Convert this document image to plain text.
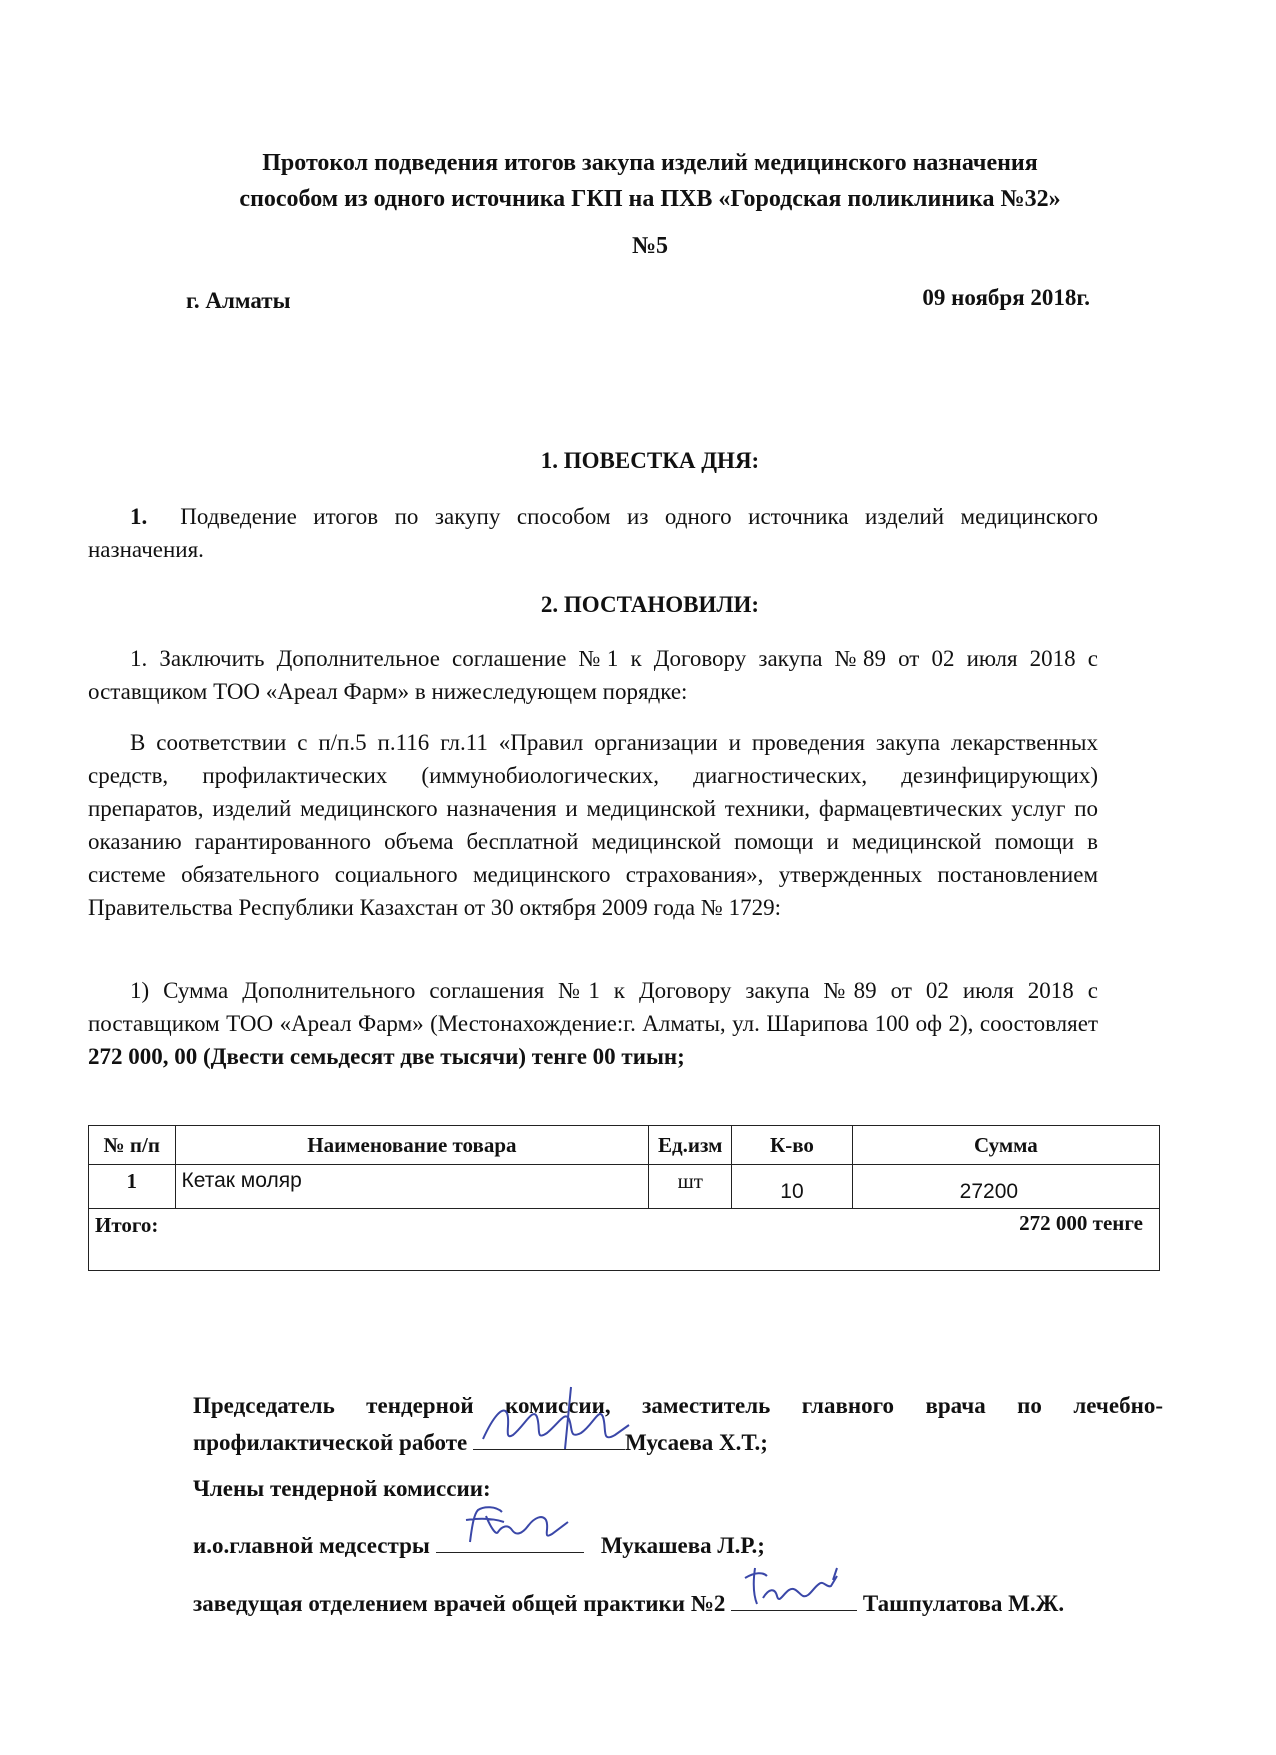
Протокол подведения итогов закупа изделий медицинского назначения
способом из одного источника ГКП на ПХВ «Городская поликлиника №32»
№5
г. Алматы	09 ноября 2018г.
1. ПОВЕСТКА ДНЯ:
1. Подведение итогов по закупу способом из одного источника изделий медицинского назначения.
2. ПОСТАНОВИЛИ:
1. Заключить Дополнительное соглашение №1 к Договору закупа №89 от 02 июля 2018 с оставщиком ТОО «Ареал Фарм» в нижеследующем порядке:
В соответствии с п/п.5 п.116 гл.11 «Правил организации и проведения закупа лекарственных средств, профилактических (иммунобиологических, диагностических, дезинфицирующих) препаратов, изделий медицинского назначения и медицинской техники, фармацевтических услуг по оказанию гарантированного объема бесплатной медицинской помощи и медицинской помощи в системе обязательного социального медицинского страхования», утвержденных постановлением Правительства Республики Казахстан от 30 октября 2009 года № 1729:
1) Сумма Дополнительного соглашения №1 к Договору закупа №89 от 02 июля 2018 с поставщиком ТОО «Ареал Фарм» (Местонахождение:г. Алматы, ул. Шарипова 100 оф 2), соостовляет 272 000, 00 (Двести семьдесят две тысячи) тенге 00 тиын;
№ п/п	Наименование товара	Ед.изм	К-во	Сумма
1	Кетак моляр	шт	10	27200
Итого: 272 000 тенге				
Председатель тендерной комиссии, заместитель главного врача по лечебно-
профилактической работе	Мусаева Х.Т.;
Члены тендерной комиссии:
и.о.главной медсестры	Мукашева Л.Р.;
заведущая отделением врачей общей практики №2	Ташпулатова М.Ж.
